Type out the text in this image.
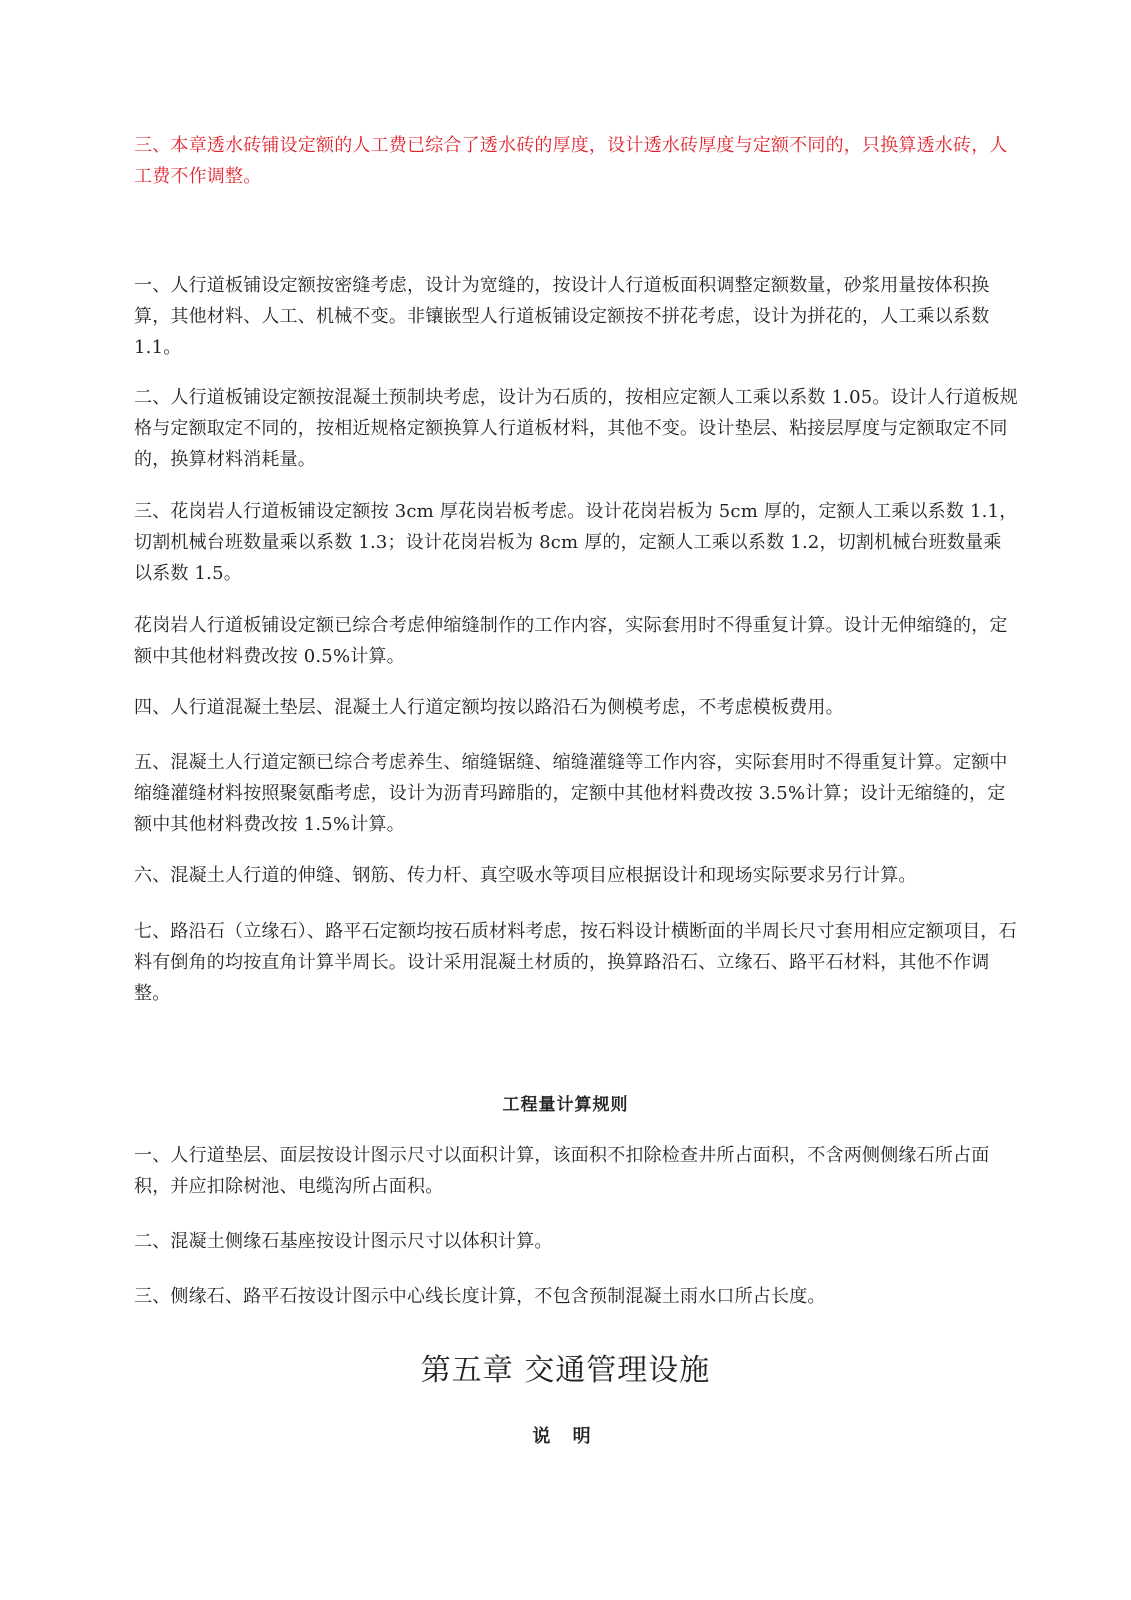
三、本章透水砖铺设定额的人工费已综合了透水砖的厚度，设计透水砖厚度与定额不同的，只换算透水砖，人工费不作调整。

一、人行道板铺设定额按密缝考虑，设计为宽缝的，按设计人行道板面积调整定额数量，砂浆用量按体积换算，其他材料、人工、机械不变。非镶嵌型人行道板铺设定额按不拼花考虑，设计为拼花的，人工乘以系数 1.1。

二、人行道板铺设定额按混凝土预制块考虑，设计为石质的，按相应定额人工乘以系数 1.05。设计人行道板规格与定额取定不同的，按相近规格定额换算人行道板材料，其他不变。设计垫层、粘接层厚度与定额取定不同的，换算材料消耗量。

三、花岗岩人行道板铺设定额按 3cm 厚花岗岩板考虑。设计花岗岩板为 5cm 厚的，定额人工乘以系数 1.1，切割机械台班数量乘以系数 1.3；设计花岗岩板为 8cm 厚的，定额人工乘以系数 1.2，切割机械台班数量乘以系数 1.5。

花岗岩人行道板铺设定额已综合考虑伸缩缝制作的工作内容，实际套用时不得重复计算。设计无伸缩缝的，定额中其他材料费改按 0.5%计算。

四、人行道混凝土垫层、混凝土人行道定额均按以路沿石为侧模考虑，不考虑模板费用。

五、混凝土人行道定额已综合考虑养生、缩缝锯缝、缩缝灌缝等工作内容，实际套用时不得重复计算。定额中缩缝灌缝材料按照聚氨酯考虑，设计为沥青玛蹄脂的，定额中其他材料费改按 3.5%计算；设计无缩缝的，定额中其他材料费改按 1.5%计算。

六、混凝土人行道的伸缝、钢筋、传力杆、真空吸水等项目应根据设计和现场实际要求另行计算。

七、路沿石（立缘石）、路平石定额均按石质材料考虑，按石料设计横断面的半周长尺寸套用相应定额项目，石料有倒角的均按直角计算半周长。设计采用混凝土材质的，换算路沿石、立缘石、路平石材料，其他不作调整。

工程量计算规则

一、人行道垫层、面层按设计图示尺寸以面积计算，该面积不扣除检查井所占面积，不含两侧侧缘石所占面积，并应扣除树池、电缆沟所占面积。

二、混凝土侧缘石基座按设计图示尺寸以体积计算。

三、侧缘石、路平石按设计图示中心线长度计算，不包含预制混凝土雨水口所占长度。

第五章 交通管理设施
说 明
